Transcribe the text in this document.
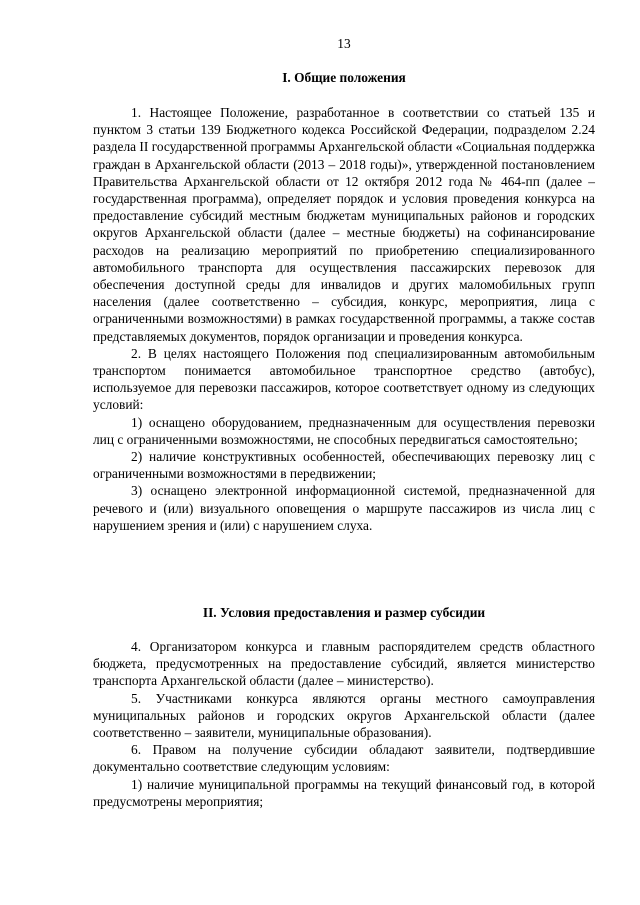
13
I. Общие положения

1. Настоящее Положение, разработанное в соответствии со статьей 135 и пунктом 3 статьи 139 Бюджетного кодекса Российской Федерации, подразделом 2.24 раздела II государственной программы Архангельской области «Социальная поддержка граждан в Архангельской области (2013 – 2018 годы)», утвержденной постановлением Правительства Архангельской области от 12 октября 2012 года № 464-пп (далее – государственная программа), определяет порядок и условия проведения конкурса на предоставление субсидий местным бюджетам муниципальных районов и городских округов Архангельской области (далее – местные бюджеты) на софинансирование расходов на реализацию мероприятий по приобретению специализированного автомобильного транспорта для осуществления пассажирских перевозок для обеспечения доступной среды для инвалидов и других маломобильных групп населения (далее соответственно – субсидия, конкурс, мероприятия, лица с ограниченными возможностями) в рамках государственной программы, а также состав представляемых документов, порядок организации и проведения конкурса.

2. В целях настоящего Положения под специализированным автомобильным транспортом понимается автомобильное транспортное средство (автобус), используемое для перевозки пассажиров, которое соответствует одному из следующих условий:

1) оснащено оборудованием, предназначенным для осуществления перевозки лиц с ограниченными возможностями, не способных передвигаться самостоятельно;

2) наличие конструктивных особенностей, обеспечивающих перевозку лиц с ограниченными возможностями в передвижении;

3) оснащено электронной информационной системой, предназначенной для речевого и (или) визуального оповещения о маршруте пассажиров из числа лиц с нарушением зрения и (или) с нарушением слуха.

II. Условия предоставления и размер субсидии

4. Организатором конкурса и главным распорядителем средств областного бюджета, предусмотренных на предоставление субсидий, является министерство транспорта Архангельской области (далее – министерство).

5. Участниками конкурса являются органы местного самоуправления муниципальных районов и городских округов Архангельской области (далее соответственно – заявители, муниципальные образования).

6. Правом на получение субсидии обладают заявители, подтвердившие документально соответствие следующим условиям:

1) наличие муниципальной программы на текущий финансовый год, в которой предусмотрены мероприятия;
